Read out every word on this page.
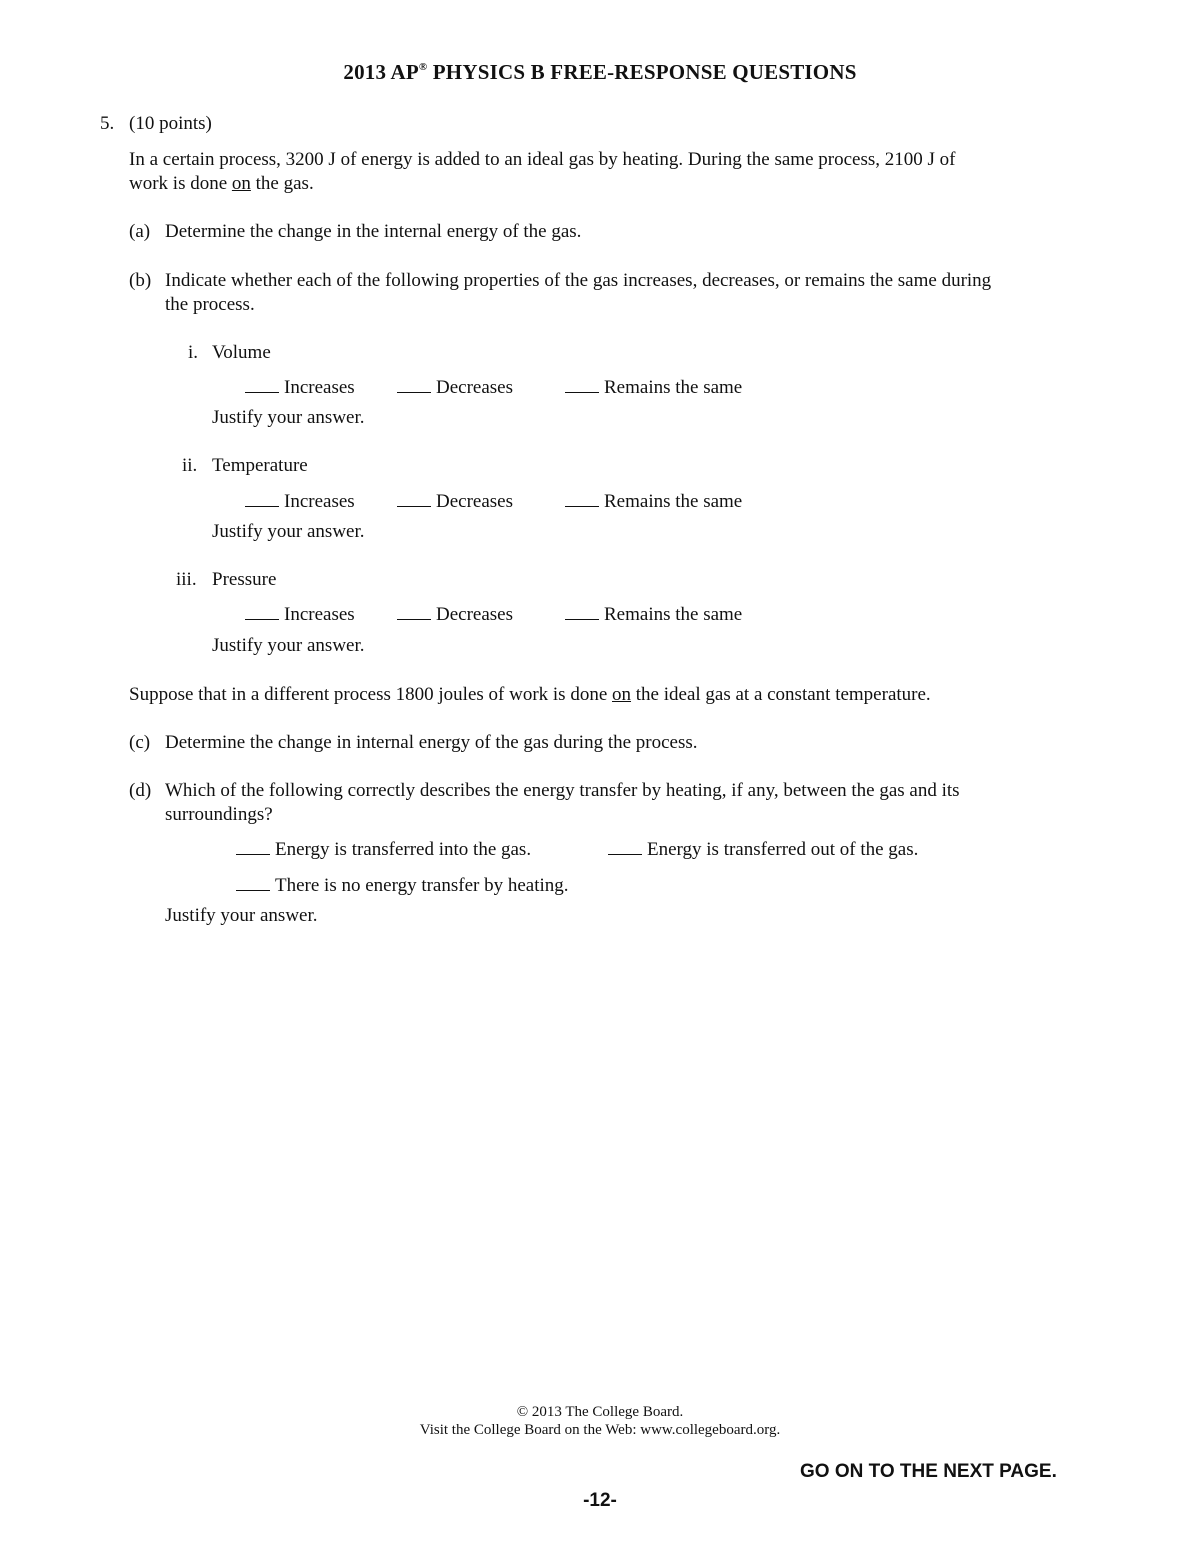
2013 AP® PHYSICS B FREE-RESPONSE QUESTIONS
5. (10 points)
In a certain process, 3200 J of energy is added to an ideal gas by heating. During the same process, 2100 J of
work is done on the gas.
(a) Determine the change in the internal energy of the gas.
(b) Indicate whether each of the following properties of the gas increases, decreases, or remains the same during
the process.
i. Volume
Increases	Decreases	Remains the same
Justify your answer.
ii. Temperature
Increases	Decreases	Remains the same
Justify your answer.
iii. Pressure
Increases	Decreases	Remains the same
Justify your answer.
Suppose that in a different process 1800 joules of work is done on the ideal gas at a constant temperature.
(c) Determine the change in internal energy of the gas during the process.
(d) Which of the following correctly describes the energy transfer by heating, if any, between the gas and its
surroundings?
Energy is transferred into the gas.	Energy is transferred out of the gas.
There is no energy transfer by heating.
Justify your answer.
© 2013 The College Board.
Visit the College Board on the Web: www.collegeboard.org.
GO ON TO THE NEXT PAGE.
-12-
